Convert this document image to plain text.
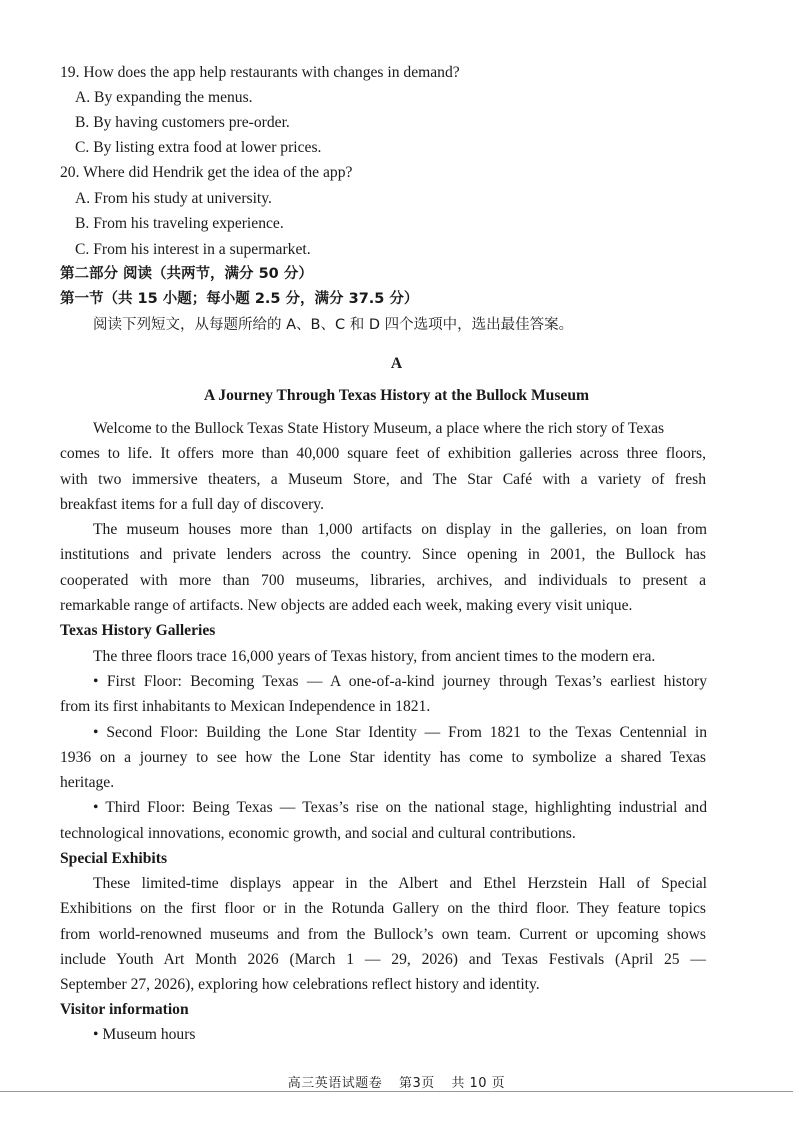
19. How does the app help restaurants with changes in demand?
A. By expanding the menus.
B. By having customers pre-order.
C. By listing extra food at lower prices.
20. Where did Hendrik get the idea of the app?
A. From his study at university.
B. From his traveling experience.
C. From his interest in a supermarket.
第二部分 阅读（共两节，满分 50 分）
第一节（共 15 小题；每小题 2.5 分，满分 37.5 分）
阅读下列短文，从每题所给的 A、B、C 和 D 四个选项中，选出最佳答案。
A
A Journey Through Texas History at the Bullock Museum
Welcome to the Bullock Texas State History Museum, a place where the rich story of Texas
comes to life. It offers more than 40,000 square feet of exhibition galleries across three floors,
with two immersive theaters, a Museum Store, and The Star Café with a variety of fresh
breakfast items for a full day of discovery.
The museum houses more than 1,000 artifacts on display in the galleries, on loan from
institutions and private lenders across the country. Since opening in 2001, the Bullock has
cooperated with more than 700 museums, libraries, archives, and individuals to present a
remarkable range of artifacts. New objects are added each week, making every visit unique.
Texas History Galleries
The three floors trace 16,000 years of Texas history, from ancient times to the modern era.
• First Floor: Becoming Texas — A one-of-a-kind journey through Texas’s earliest history
from its first inhabitants to Mexican Independence in 1821.
• Second Floor: Building the Lone Star Identity — From 1821 to the Texas Centennial in
1936 on a journey to see how the Lone Star identity has come to symbolize a shared Texas
heritage.
• Third Floor: Being Texas — Texas’s rise on the national stage, highlighting industrial and
technological innovations, economic growth, and social and cultural contributions.
Special Exhibits
These limited-time displays appear in the Albert and Ethel Herzstein Hall of Special
Exhibitions on the first floor or in the Rotunda Gallery on the third floor. They feature topics
from world-renowned museums and from the Bullock’s own team. Current or upcoming shows
include Youth Art Month 2026 (March 1 — 29, 2026) and Texas Festivals (April 25 —
September 27, 2026), exploring how celebrations reflect history and identity.
Visitor information
• Museum hours
高三英语试题卷 第3页 共 10 页
